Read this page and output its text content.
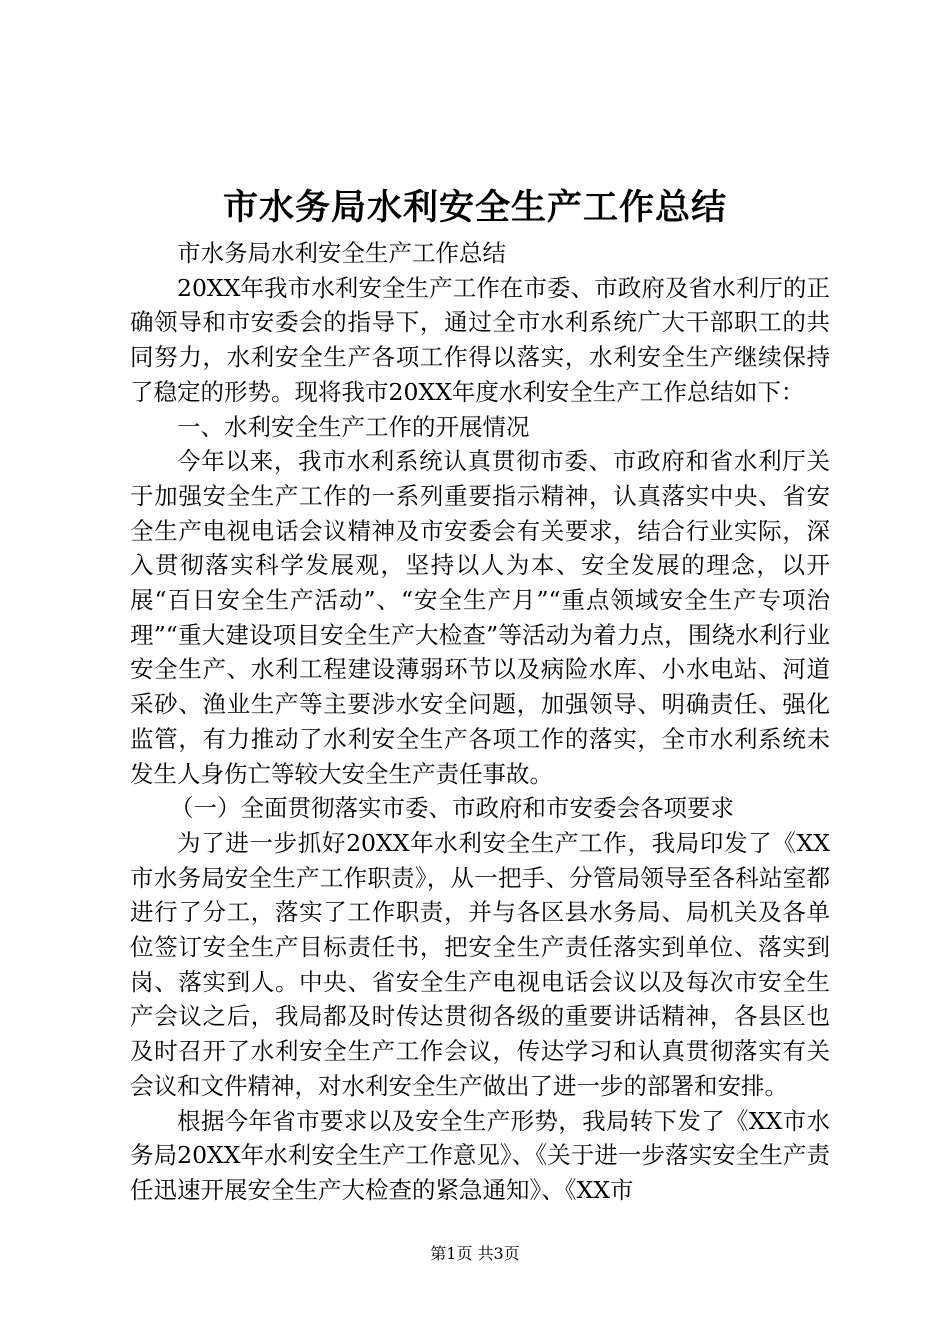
市水务局水利安全生产工作总结

市水务局水利安全生产工作总结

20XX年我市水利安全生产工作在市委、市政府及省水利厅的正确领导和市安委会的指导下，通过全市水利系统广大干部职工的共同努力，水利安全生产各项工作得以落实，水利安全生产继续保持了稳定的形势。现将我市20XX年度水利安全生产工作总结如下：

一、水利安全生产工作的开展情况

今年以来，我市水利系统认真贯彻市委、市政府和省水利厅关于加强安全生产工作的一系列重要指示精神，认真落实中央、省安全生产电视电话会议精神及市安委会有关要求，结合行业实际，深入贯彻落实科学发展观，坚持以人为本、安全发展的理念，以开展“百日安全生产活动”、“安全生产月”“重点领域安全生产专项治理”“重大建设项目安全生产大检查”等活动为着力点，围绕水利行业安全生产、水利工程建设薄弱环节以及病险水库、小水电站、河道采砂、渔业生产等主要涉水安全问题，加强领导、明确责任、强化监管，有力推动了水利安全生产各项工作的落实，全市水利系统未发生人身伤亡等较大安全生产责任事故。

（一）全面贯彻落实市委、市政府和市安委会各项要求

为了进一步抓好20XX年水利安全生产工作，我局印发了《XX市水务局安全生产工作职责》，从一把手、分管局领导至各科站室都进行了分工，落实了工作职责，并与各区县水务局、局机关及各单位签订安全生产目标责任书，把安全生产责任落实到单位、落实到岗、落实到人。中央、省安全生产电视电话会议以及每次市安全生产会议之后，我局都及时传达贯彻各级的重要讲话精神，各县区也及时召开了水利安全生产工作会议，传达学习和认真贯彻落实有关会议和文件精神，对水利安全生产做出了进一步的部署和安排。

根据今年省市要求以及安全生产形势，我局转下发了《XX市水务局20XX年水利安全生产工作意见》、《关于进一步落实安全生产责任迅速开展安全生产大检查的紧急通知》、《XX市

第1页 共3页
